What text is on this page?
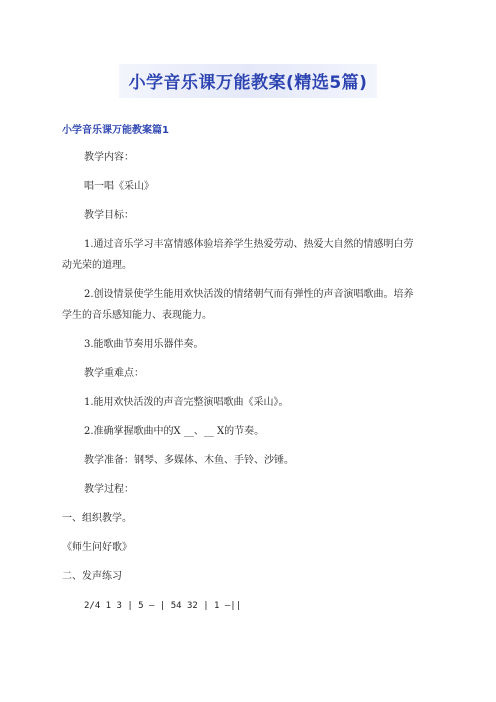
小学音乐课万能教案(精选5篇)
小学音乐课万能教案篇1
教学内容：
唱一唱《采山》
教学目标：
1.通过音乐学习丰富情感体验培养学生热爱劳动、热爱大自然的情感明白劳
动光荣的道理。
2.创设情景使学生能用欢快活泼的情绪朝气而有弹性的声音演唱歌曲。培养
学生的音乐感知能力、表现能力。
3.能歌曲节奏用乐器伴奏。
教学重难点：
1.能用欢快活泼的声音完整演唱歌曲《采山》。
2.准确掌握歌曲中的X __、__ X的节奏。
教学准备：钢琴、多媒体、木鱼、手铃、沙锤。
教学过程：
一、组织教学。
《师生问好歌》
二、发声练习
2/4 1 3 | 5 — | 54 32 | 1 —||
